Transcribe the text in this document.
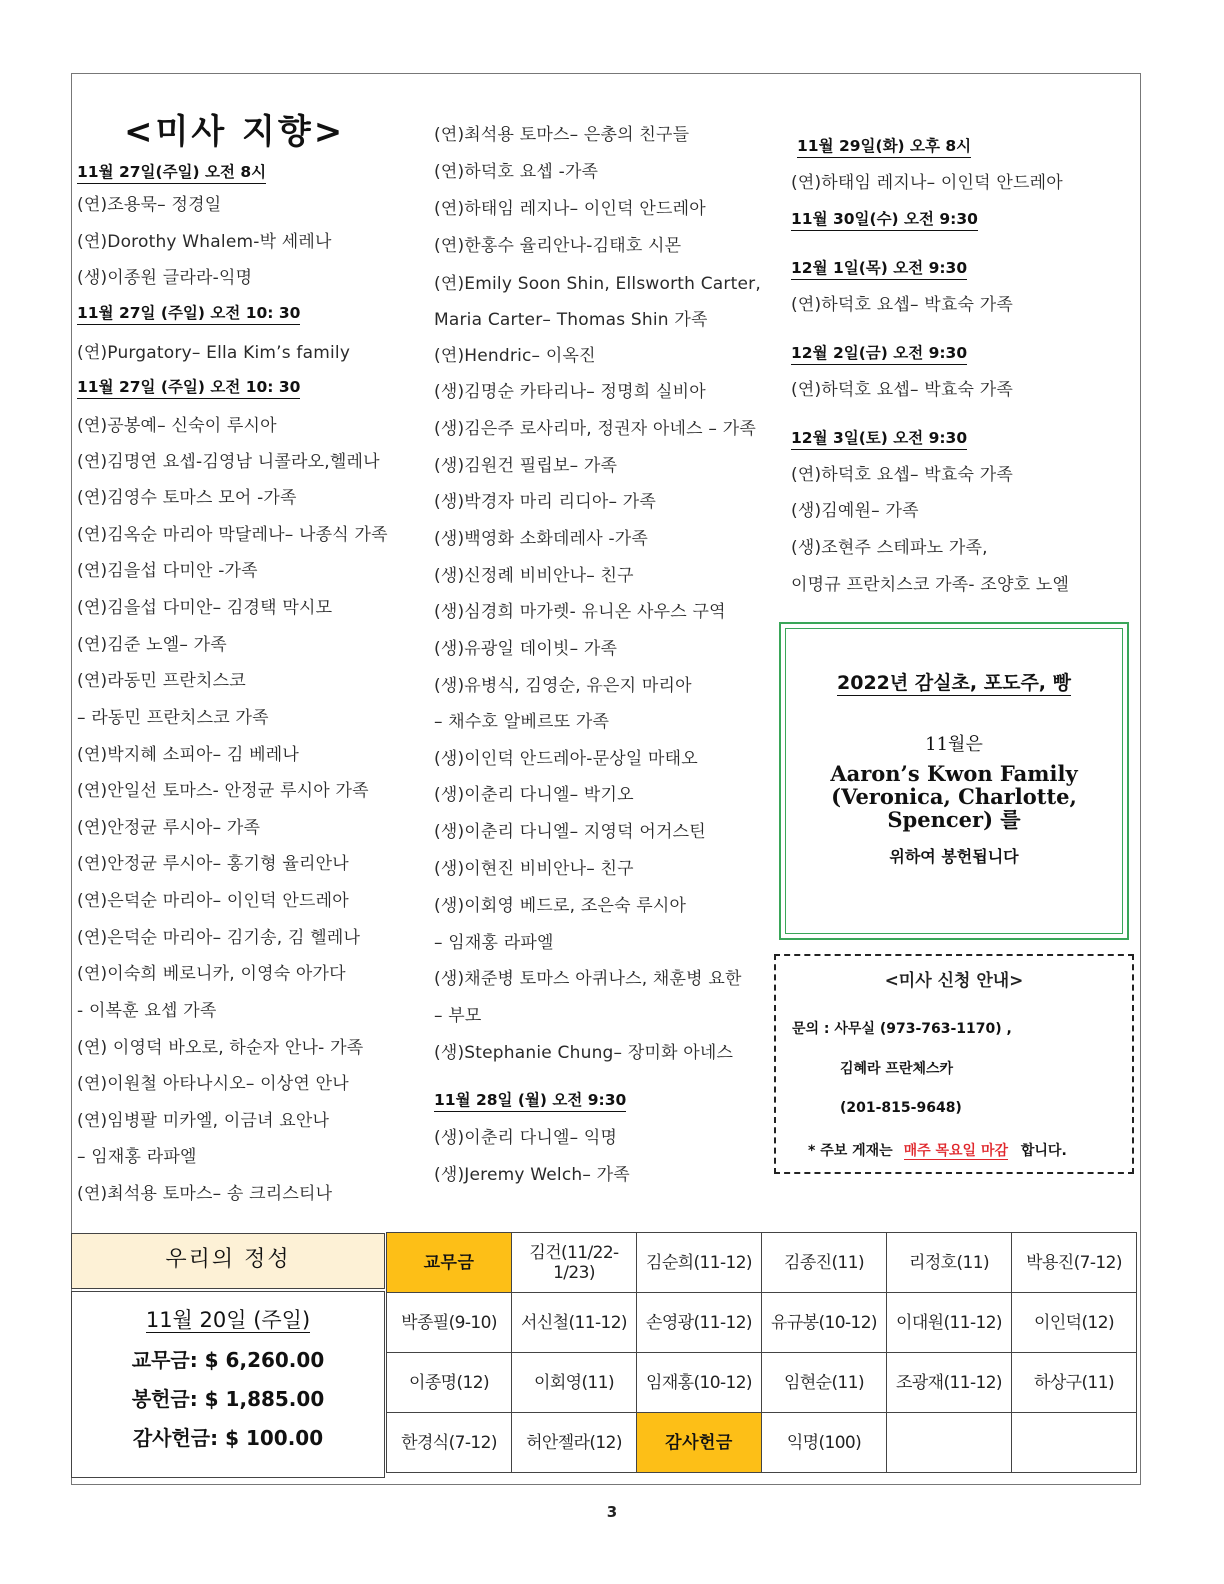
<미사 지향>
11월 27일(주일) 오전 8시
(연)조용묵– 정경일
(연)Dorothy Whalem-박 세레나
(생)이종원 글라라-익명
11월 27일 (주일) 오전 10: 30
(연)Purgatory– Ella Kim’s family
11월 27일 (주일) 오전 10: 30
(연)공봉예– 신숙이 루시아
(연)김명연 요셉-김영남 니콜라오,헬레나
(연)김영수 토마스 모어 -가족
(연)김옥순 마리아 막달레나– 나종식 가족
(연)김을섭 다미안 -가족
(연)김을섭 다미안– 김경택 막시모
(연)김준 노엘– 가족
(연)라동민 프란치스코
– 라동민 프란치스코 가족
(연)박지혜 소피아– 김 베레나
(연)안일선 토마스- 안정균 루시아 가족
(연)안정균 루시아– 가족
(연)안정균 루시아– 홍기형 율리안나
(연)은덕순 마리아– 이인덕 안드레아
(연)은덕순 마리아– 김기송, 김 헬레나
(연)이숙희 베로니카, 이영숙 아가다
- 이복훈 요셉 가족
(연) 이영덕 바오로, 하순자 안나- 가족
(연)이원철 아타나시오– 이상연 안나
(연)임병팔 미카엘, 이금녀 요안나
– 임재홍 라파엘
(연)최석용 토마스– 송 크리스티나
(연)최석용 토마스– 은총의 친구들
(연)하덕호 요셉 -가족
(연)하태임 레지나– 이인덕 안드레아
(연)한홍수 율리안나-김태호 시몬
(연)Emily Soon Shin, Ellsworth Carter,
Maria Carter– Thomas Shin 가족
(연)Hendric– 이옥진
(생)김명순 카타리나– 정명희 실비아
(생)김은주 로사리마, 정권자 아네스 – 가족
(생)김원건 필립보– 가족
(생)박경자 마리 리디아– 가족
(생)백영화 소화데레사 -가족
(생)신정례 비비안나– 친구
(생)심경희 마가렛- 유니온 사우스 구역
(생)유광일 데이빗– 가족
(생)유병식, 김영순, 유은지 마리아
– 채수호 알베르또 가족
(생)이인덕 안드레아-문상일 마태오
(생)이춘리 다니엘– 박기오
(생)이춘리 다니엘– 지영덕 어거스틴
(생)이현진 비비안나– 친구
(생)이회영 베드로, 조은숙 루시아
– 임재홍 라파엘
(생)채준병 토마스 아퀴나스, 채훈병 요한
– 부모
(생)Stephanie Chung– 장미화 아네스
11월 28일 (월) 오전 9:30
(생)이춘리 다니엘– 익명
(생)Jeremy Welch– 가족
11월 29일(화) 오후 8시
(연)하태임 레지나– 이인덕 안드레아
11월 30일(수) 오전 9:30
12월 1일(목) 오전 9:30
(연)하덕호 요셉– 박효숙 가족
12월 2일(금) 오전 9:30
(연)하덕호 요셉– 박효숙 가족
12월 3일(토) 오전 9:30
(연)하덕호 요셉– 박효숙 가족
(생)김예원– 가족
(생)조현주 스테파노 가족,
이명규 프란치스코 가족- 조양호 노엘
2022년 감실초, 포도주, 빵
11월은
Aaron’s Kwon Family (Veronica, Charlotte, Spencer) 를
위하여 봉헌됩니다
<미사 신청 안내>
문의 : 사무실 (973-763-1170) ,
김혜라 프란체스카
(201-815-9648)
* 주보 게재는 매주 목요일 마감 합니다.
우리의 정성
11월 20일 (주일)
교무금: $ 6,260.00
봉헌금: $ 1,885.00
감사헌금: $ 100.00
교무금	김건(11/22-1/23)	김순희(11-12)	김종진(11)	리정호(11)	박용진(7-12)
박종필(9-10)	서신철(11-12)	손영광(11-12)	유규봉(10-12)	이대원(11-12)	이인덕(12)
이종명(12)	이회영(11)	임재홍(10-12)	임현순(11)	조광재(11-12)	하상구(11)
한경식(7-12)	허안젤라(12)	감사헌금	익명(100)		
3
